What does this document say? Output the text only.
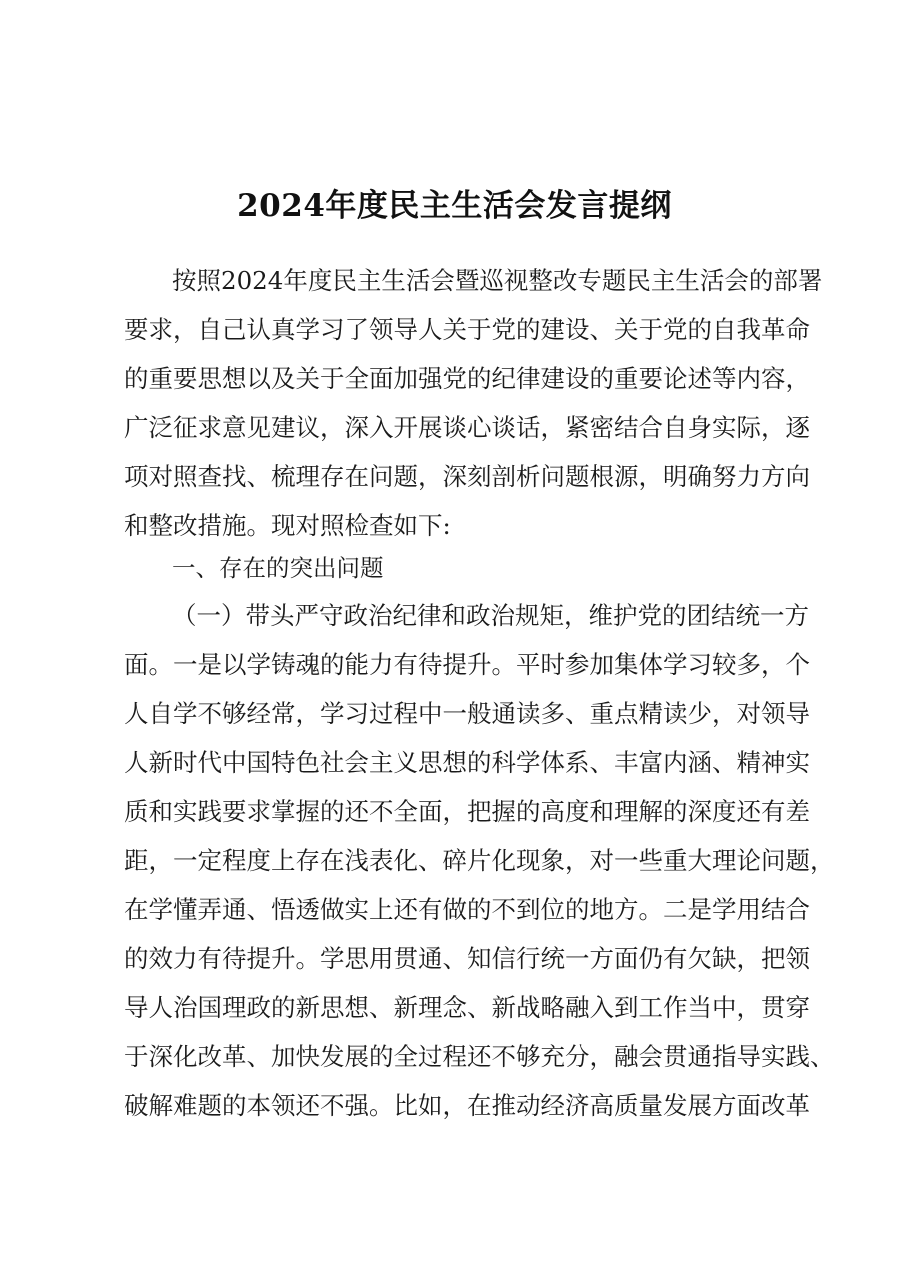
2024年度民主生活会发言提纲
按照2024年度民主生活会暨巡视整改专题民主生活会的部署
要求，自己认真学习了领导人关于党的建设、关于党的自我革命
的重要思想以及关于全面加强党的纪律建设的重要论述等内容，
广泛征求意见建议，深入开展谈心谈话，紧密结合自身实际，逐
项对照查找、梳理存在问题，深刻剖析问题根源，明确努力方向
和整改措施。现对照检查如下:
一、存在的突出问题
（一）带头严守政治纪律和政治规矩，维护党的团结统一方
面。一是以学铸魂的能力有待提升。平时参加集体学习较多，个
人自学不够经常，学习过程中一般通读多、重点精读少，对领导
人新时代中国特色社会主义思想的科学体系、丰富内涵、精神实
质和实践要求掌握的还不全面，把握的高度和理解的深度还有差
距，一定程度上存在浅表化、碎片化现象，对一些重大理论问题，
在学懂弄通、悟透做实上还有做的不到位的地方。二是学用结合
的效力有待提升。学思用贯通、知信行统一方面仍有欠缺，把领
导人治国理政的新思想、新理念、新战略融入到工作当中，贯穿
于深化改革、加快发展的全过程还不够充分，融会贯通指导实践、
破解难题的本领还不强。比如，在推动经济高质量发展方面改革
